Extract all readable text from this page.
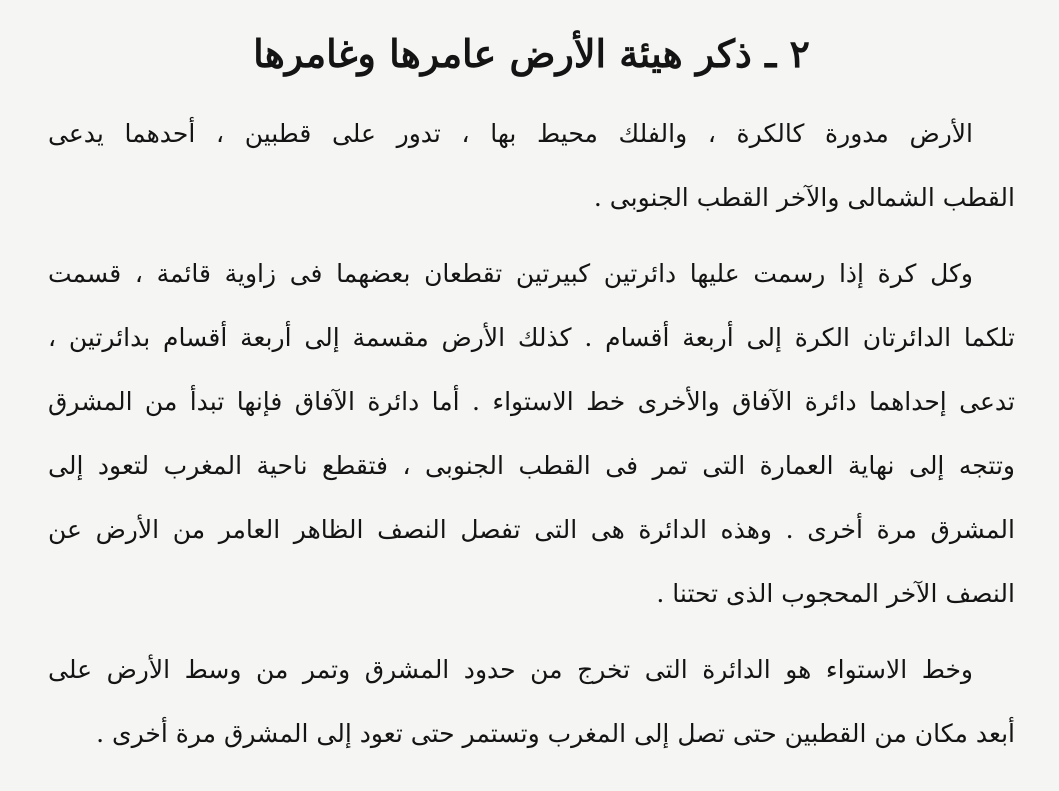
٢ ـ ذكر هيئة الأرض عامرها وغامرها

الأرض مدورة كالكرة ، والفلك محيط بها ، تدور على قطبين ، أحدهما يدعى
القطب الشمالى والآخر القطب الجنوبى .

وكل كرة إذا رسمت عليها دائرتين كبيرتين تقطعان بعضهما فى زاوية قائمة ، قسمت
تلكما الدائرتان الكرة إلى أربعة أقسام . كذلك الأرض مقسمة إلى أربعة أقسام بدائرتين ،
تدعى إحداهما دائرة الآفاق والأخرى خط الاستواء . أما دائرة الآفاق فإنها تبدأ من المشرق
وتتجه إلى نهاية العمارة التى تمر فى القطب الجنوبى ، فتقطع ناحية المغرب لتعود إلى
المشرق مرة أخرى . وهذه الدائرة هى التى تفصل النصف الظاهر العامر من الأرض عن
النصف الآخر المحجوب الذى تحتنا .

وخط الاستواء هو الدائرة التى تخرج من حدود المشرق وتمر من وسط الأرض على
أبعد مكان من القطبين حتى تصل إلى المغرب وتستمر حتى تعود إلى المشرق مرة أخرى .
